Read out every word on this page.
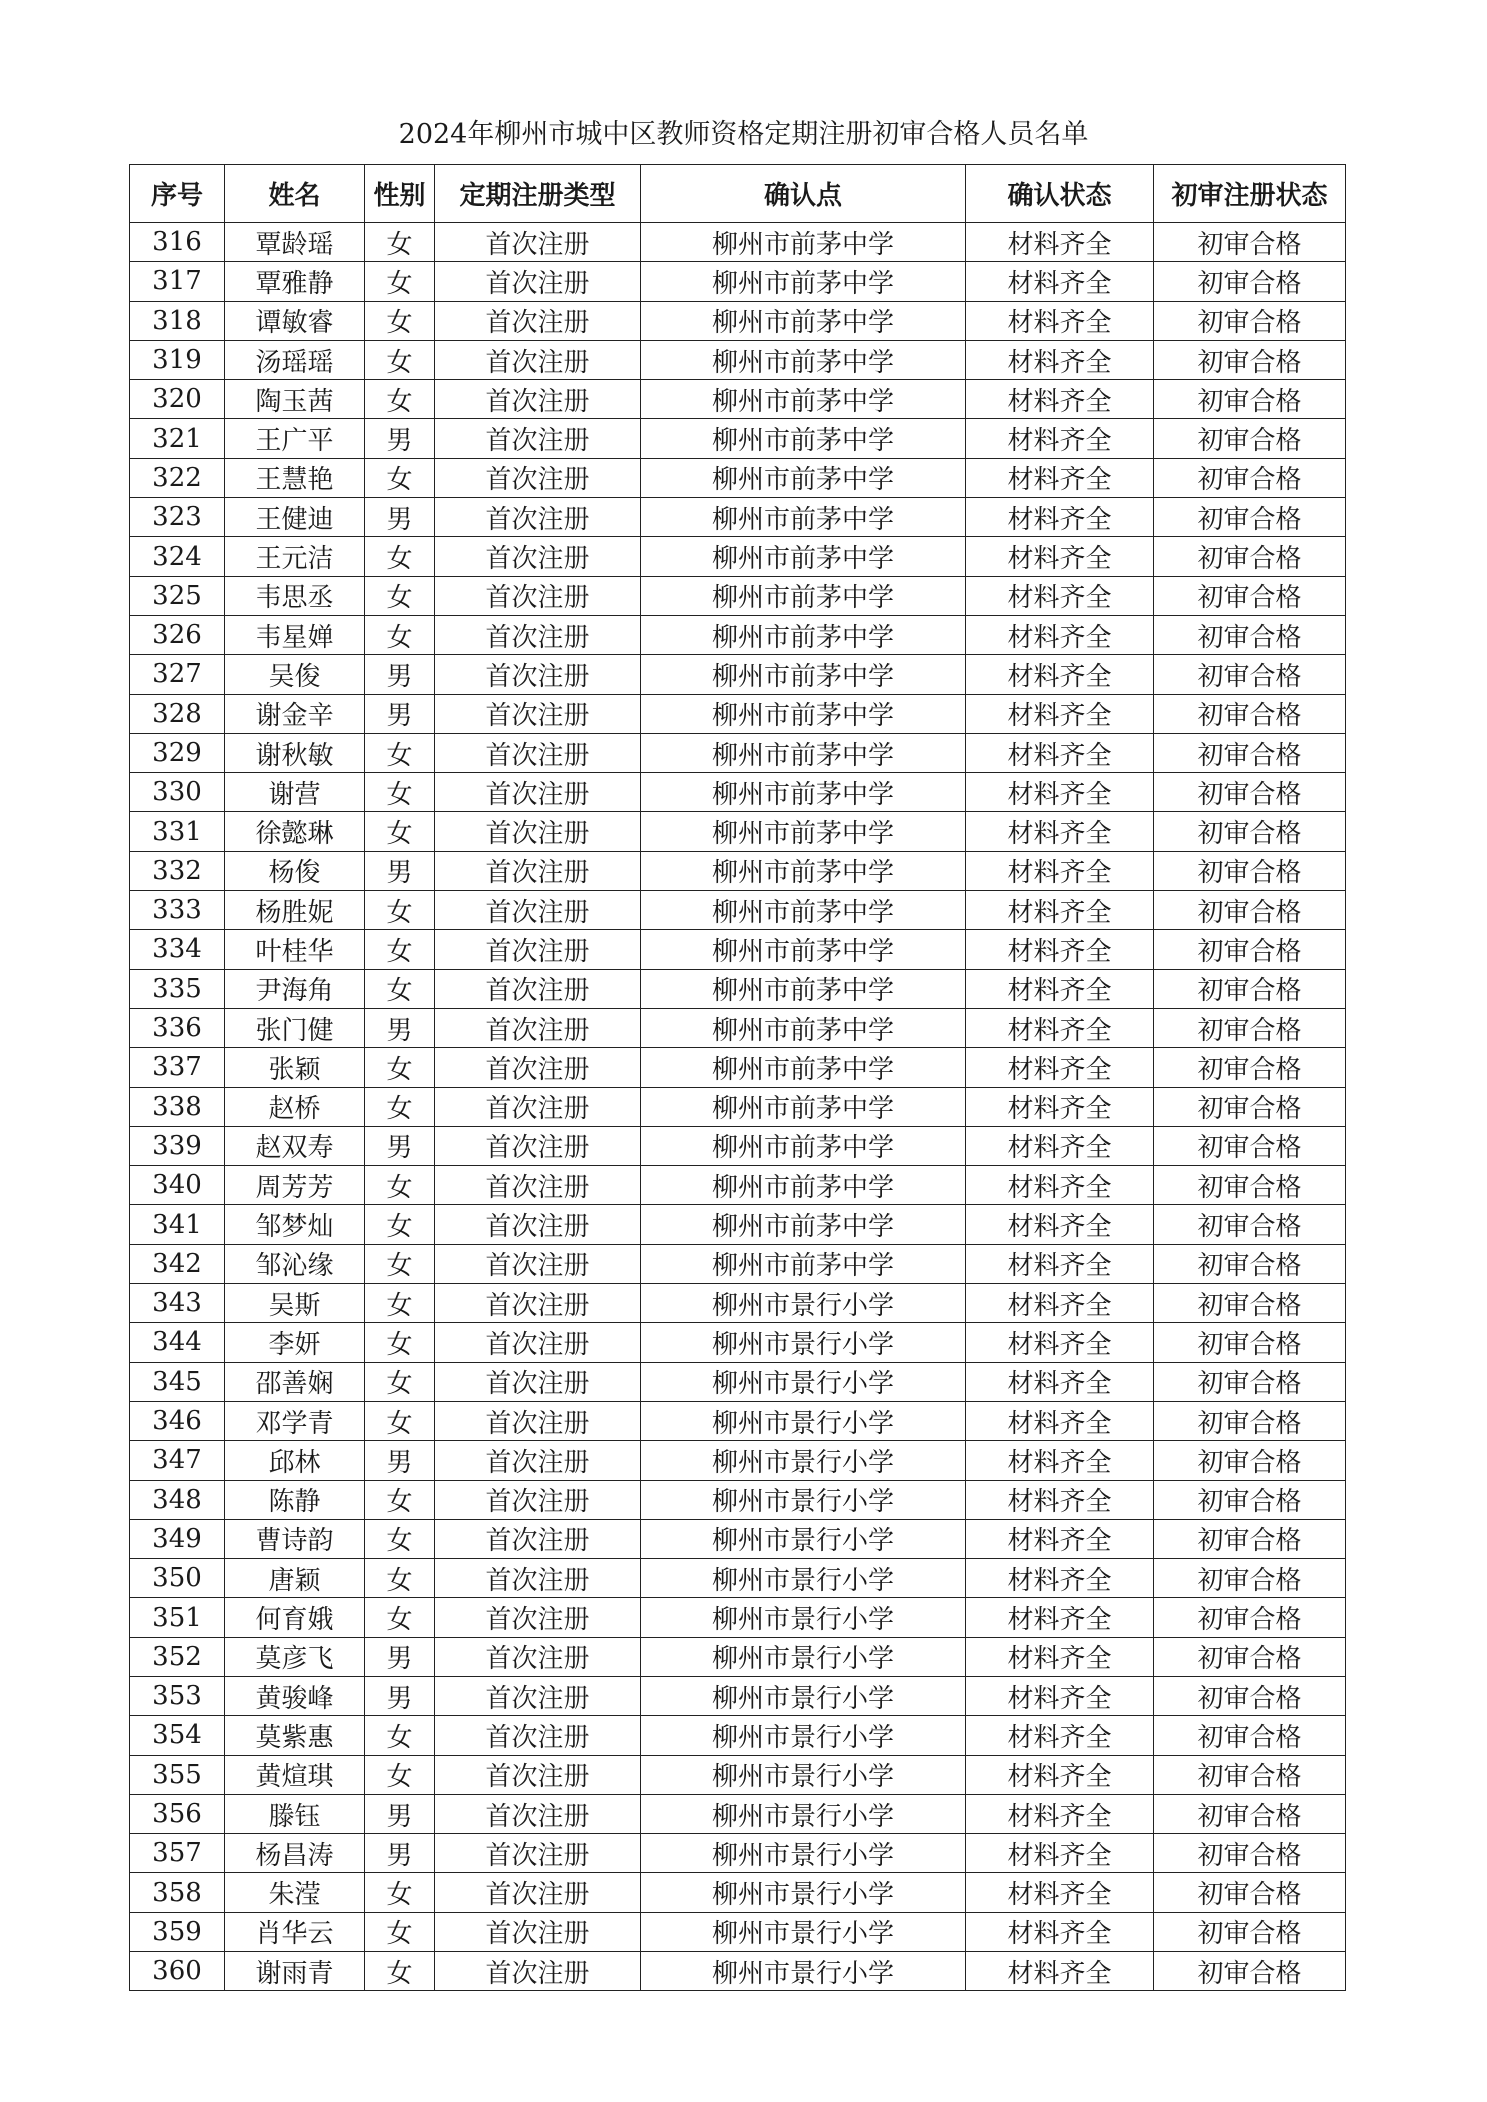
2024年柳州市城中区教师资格定期注册初审合格人员名单
序号	姓名	性别	定期注册类型	确认点	确认状态	初审注册状态
316	覃龄瑶	女	首次注册	柳州市前茅中学	材料齐全	初审合格
317	覃雅静	女	首次注册	柳州市前茅中学	材料齐全	初审合格
318	谭敏睿	女	首次注册	柳州市前茅中学	材料齐全	初审合格
319	汤瑶瑶	女	首次注册	柳州市前茅中学	材料齐全	初审合格
320	陶玉茜	女	首次注册	柳州市前茅中学	材料齐全	初审合格
321	王广平	男	首次注册	柳州市前茅中学	材料齐全	初审合格
322	王慧艳	女	首次注册	柳州市前茅中学	材料齐全	初审合格
323	王健迪	男	首次注册	柳州市前茅中学	材料齐全	初审合格
324	王元洁	女	首次注册	柳州市前茅中学	材料齐全	初审合格
325	韦思丞	女	首次注册	柳州市前茅中学	材料齐全	初审合格
326	韦星婵	女	首次注册	柳州市前茅中学	材料齐全	初审合格
327	吴俊	男	首次注册	柳州市前茅中学	材料齐全	初审合格
328	谢金辛	男	首次注册	柳州市前茅中学	材料齐全	初审合格
329	谢秋敏	女	首次注册	柳州市前茅中学	材料齐全	初审合格
330	谢营	女	首次注册	柳州市前茅中学	材料齐全	初审合格
331	徐懿琳	女	首次注册	柳州市前茅中学	材料齐全	初审合格
332	杨俊	男	首次注册	柳州市前茅中学	材料齐全	初审合格
333	杨胜妮	女	首次注册	柳州市前茅中学	材料齐全	初审合格
334	叶桂华	女	首次注册	柳州市前茅中学	材料齐全	初审合格
335	尹海角	女	首次注册	柳州市前茅中学	材料齐全	初审合格
336	张门健	男	首次注册	柳州市前茅中学	材料齐全	初审合格
337	张颖	女	首次注册	柳州市前茅中学	材料齐全	初审合格
338	赵桥	女	首次注册	柳州市前茅中学	材料齐全	初审合格
339	赵双寿	男	首次注册	柳州市前茅中学	材料齐全	初审合格
340	周芳芳	女	首次注册	柳州市前茅中学	材料齐全	初审合格
341	邹梦灿	女	首次注册	柳州市前茅中学	材料齐全	初审合格
342	邹沁缘	女	首次注册	柳州市前茅中学	材料齐全	初审合格
343	吴斯	女	首次注册	柳州市景行小学	材料齐全	初审合格
344	李妍	女	首次注册	柳州市景行小学	材料齐全	初审合格
345	邵善娴	女	首次注册	柳州市景行小学	材料齐全	初审合格
346	邓学青	女	首次注册	柳州市景行小学	材料齐全	初审合格
347	邱林	男	首次注册	柳州市景行小学	材料齐全	初审合格
348	陈静	女	首次注册	柳州市景行小学	材料齐全	初审合格
349	曹诗韵	女	首次注册	柳州市景行小学	材料齐全	初审合格
350	唐颖	女	首次注册	柳州市景行小学	材料齐全	初审合格
351	何育娥	女	首次注册	柳州市景行小学	材料齐全	初审合格
352	莫彦飞	男	首次注册	柳州市景行小学	材料齐全	初审合格
353	黄骏峰	男	首次注册	柳州市景行小学	材料齐全	初审合格
354	莫紫惠	女	首次注册	柳州市景行小学	材料齐全	初审合格
355	黄煊琪	女	首次注册	柳州市景行小学	材料齐全	初审合格
356	滕钰	男	首次注册	柳州市景行小学	材料齐全	初审合格
357	杨昌涛	男	首次注册	柳州市景行小学	材料齐全	初审合格
358	朱滢	女	首次注册	柳州市景行小学	材料齐全	初审合格
359	肖华云	女	首次注册	柳州市景行小学	材料齐全	初审合格
360	谢雨青	女	首次注册	柳州市景行小学	材料齐全	初审合格
